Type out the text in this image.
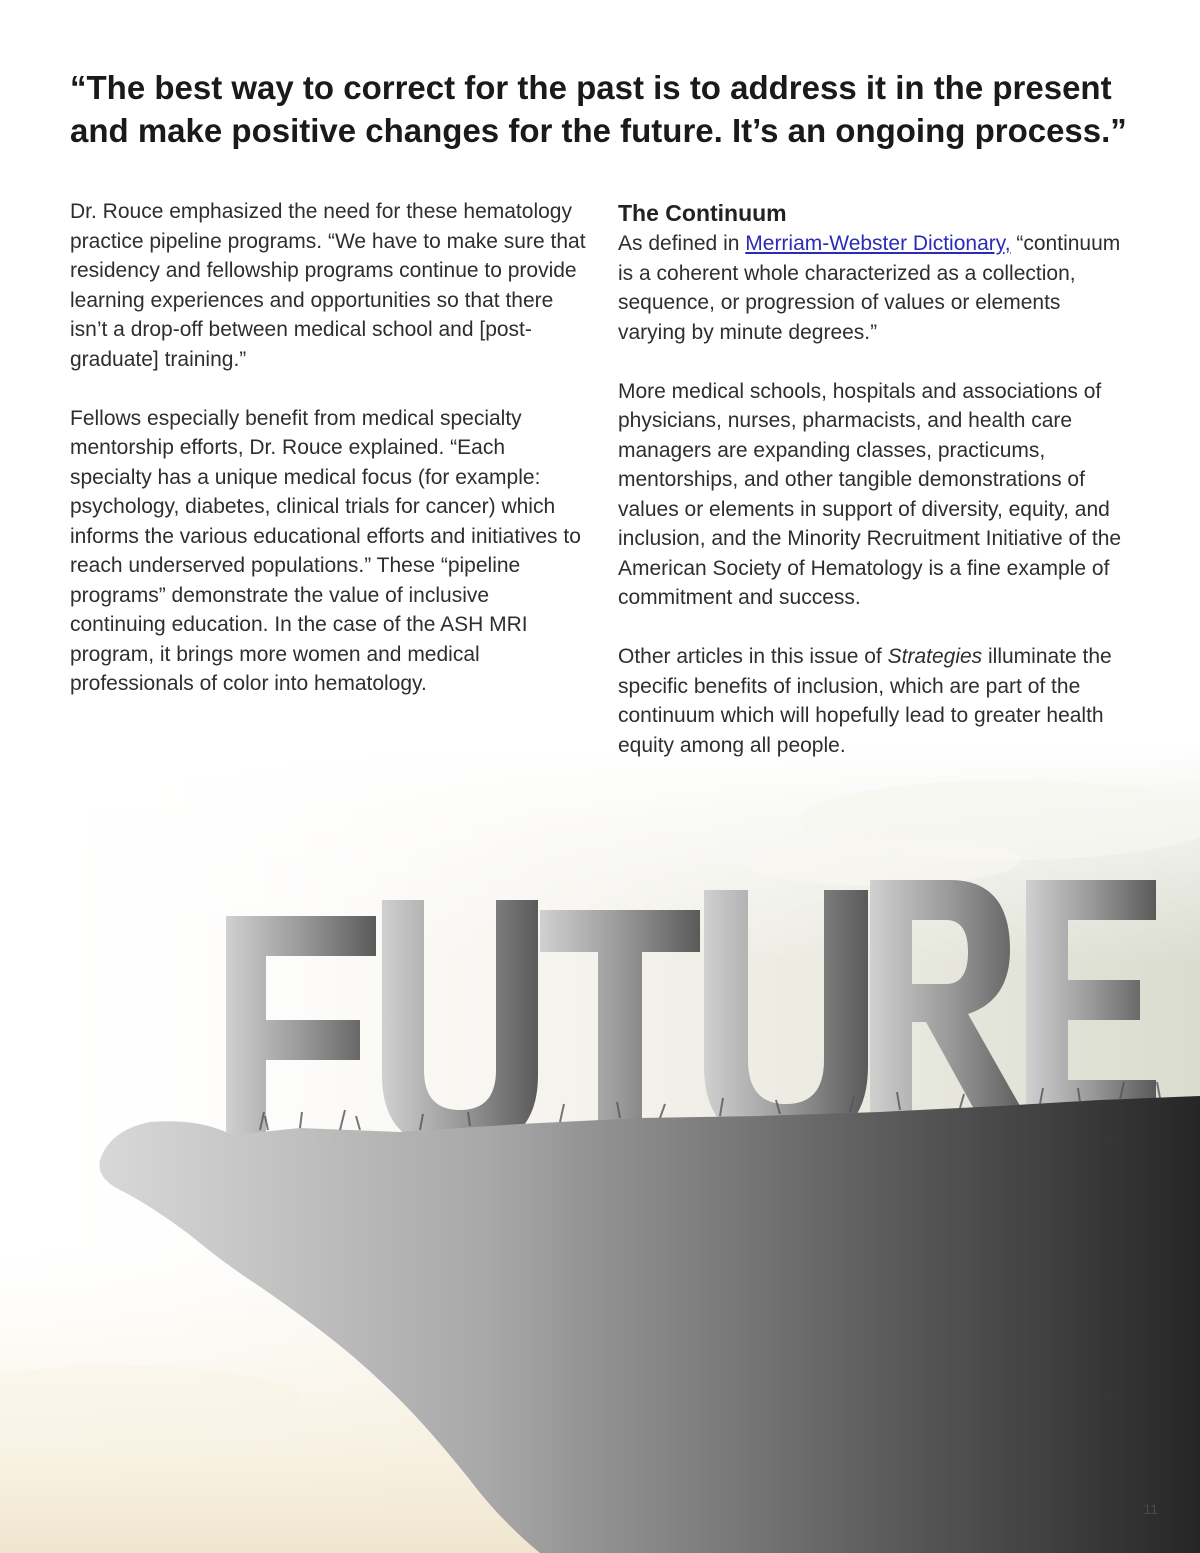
“The best way to correct for the past is to address it in the present and make positive changes for the future. It’s an ongoing process.”

Dr. Rouce emphasized the need for these hematology practice pipeline programs. “We have to make sure that residency and fellowship programs continue to provide learning experiences and opportunities so that there isn’t a drop-off between medical school and [post-graduate] training.”

Fellows especially benefit from medical specialty mentorship efforts, Dr. Rouce explained. “Each specialty has a unique medical focus (for example: psychology, diabetes, clinical trials for cancer) which informs the various educational efforts and initiatives to reach underserved populations.” These “pipeline programs” demonstrate the value of inclusive continuing education. In the case of the ASH MRI program, it brings more women and medical professionals of color into hematology.

The Continuum

As defined in Merriam-Webster Dictionary, “continuum is a coherent whole characterized as a collection, sequence, or progression of values or elements varying by minute degrees.”

More medical schools, hospitals and associations of physicians, nurses, pharmacists, and health care managers are expanding classes, practicums, mentorships, and other tangible demonstrations of values or elements in support of diversity, equity, and inclusion, and the Minority Recruitment Initiative of the American Society of Hematology is a fine example of commitment and success.

Other articles in this issue of Strategies illuminate the specific benefits of inclusion, which are part of the continuum which will hopefully lead to greater health equity among all people.

11
